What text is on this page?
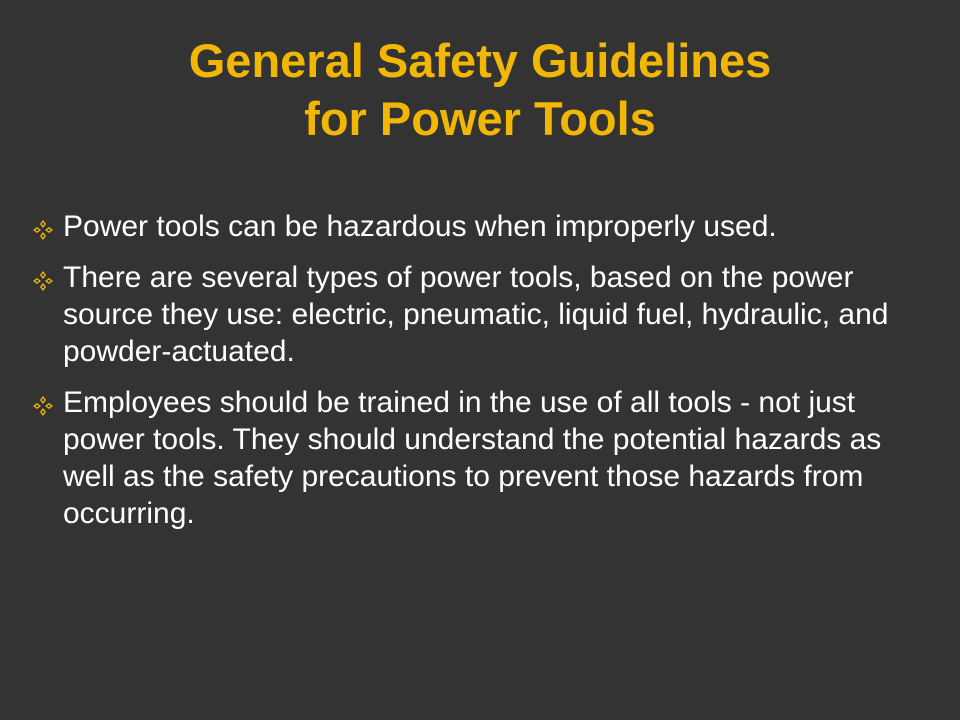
General Safety Guidelines
for Power Tools
Power tools can be hazardous when improperly used.
There are several types of power tools, based on the power source they use: electric, pneumatic, liquid fuel, hydraulic, and powder-actuated.
Employees should be trained in the use of all tools - not just power tools. They should understand the potential hazards as well as the safety precautions to prevent those hazards from occurring.
